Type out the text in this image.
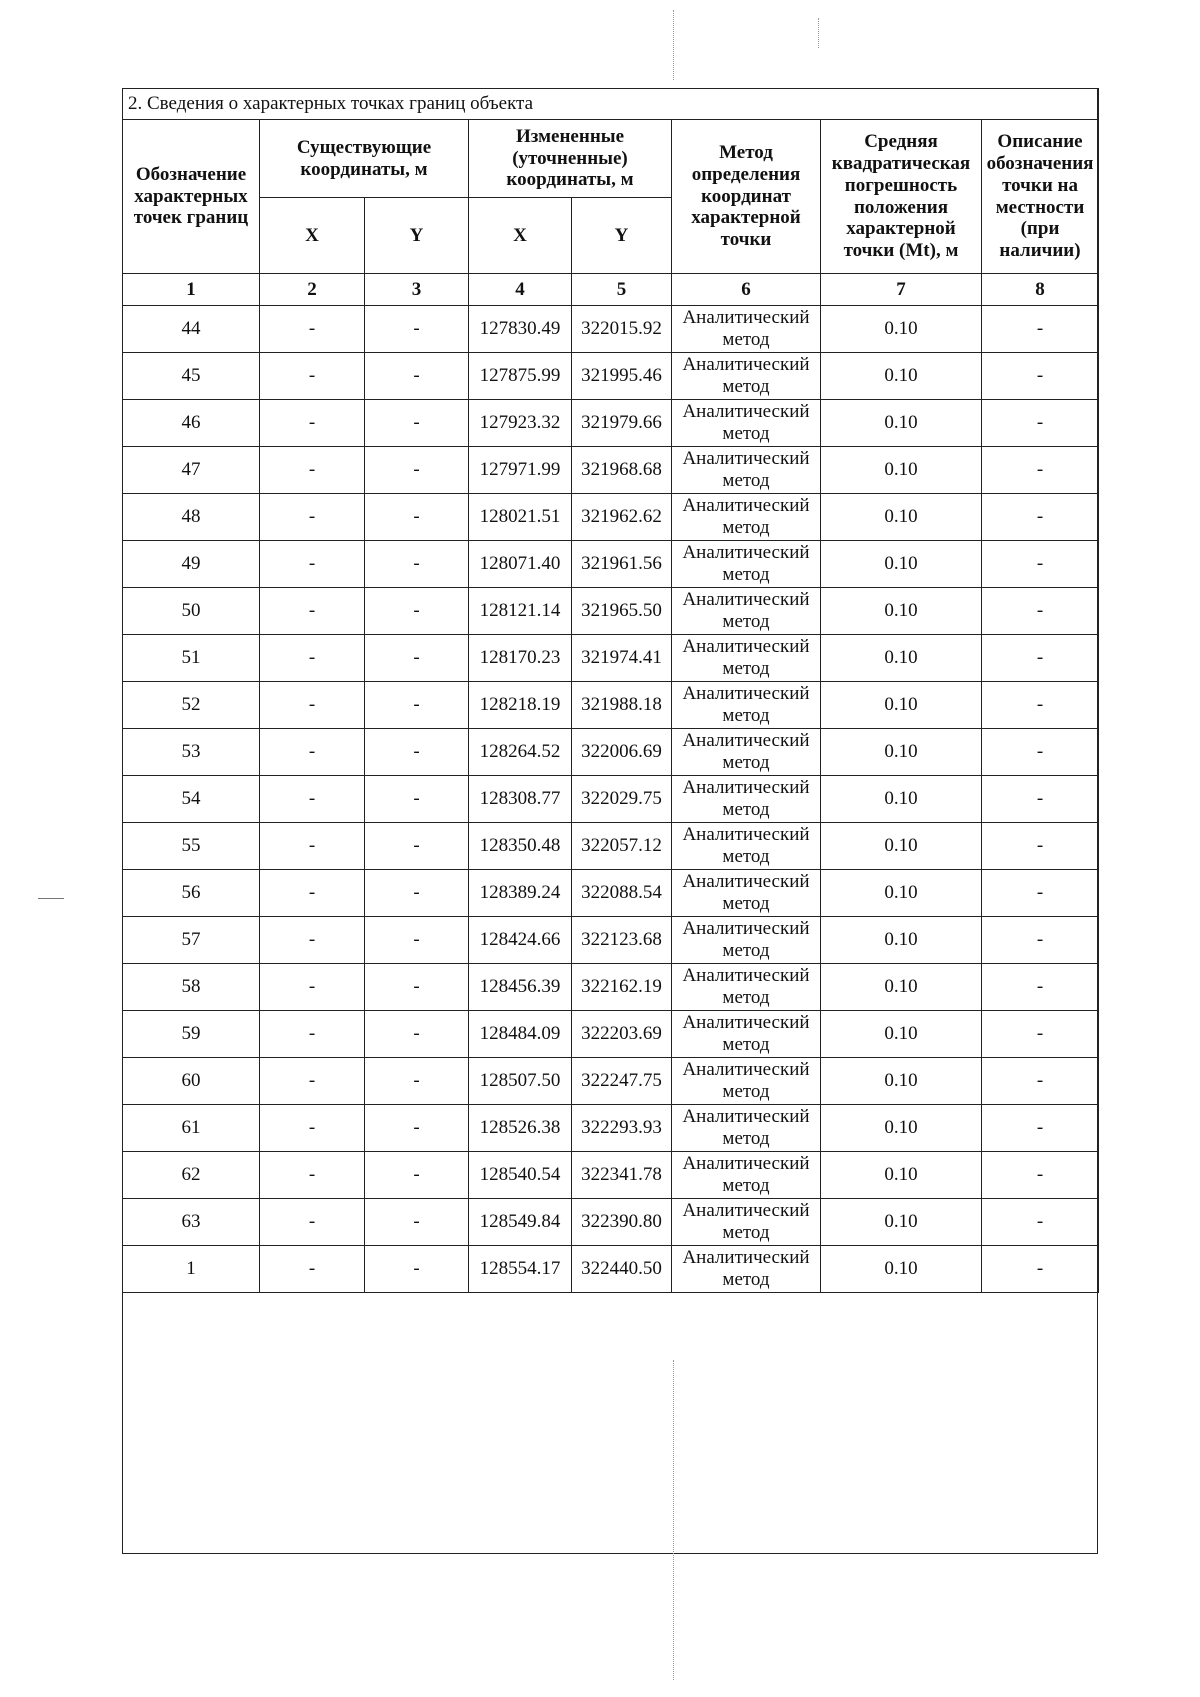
2. Сведения о характерных точках границ объекта							
Обозначение характерных точек границ	Существующие координаты, м		Измененные (уточненные) координаты, м		Метод определения координат характерной точки	Средняя квадратическая погрешность положения характерной точки (Mt), м	Описание обозначения точки на местности (при наличии)
	X	Y	X	Y			
1	2	3	4	5	6	7	8
44	-	-	127830.49	322015.92	Аналитический метод	0.10	-
45	-	-	127875.99	321995.46	Аналитический метод	0.10	-
46	-	-	127923.32	321979.66	Аналитический метод	0.10	-
47	-	-	127971.99	321968.68	Аналитический метод	0.10	-
48	-	-	128021.51	321962.62	Аналитический метод	0.10	-
49	-	-	128071.40	321961.56	Аналитический метод	0.10	-
50	-	-	128121.14	321965.50	Аналитический метод	0.10	-
51	-	-	128170.23	321974.41	Аналитический метод	0.10	-
52	-	-	128218.19	321988.18	Аналитический метод	0.10	-
53	-	-	128264.52	322006.69	Аналитический метод	0.10	-
54	-	-	128308.77	322029.75	Аналитический метод	0.10	-
55	-	-	128350.48	322057.12	Аналитический метод	0.10	-
56	-	-	128389.24	322088.54	Аналитический метод	0.10	-
57	-	-	128424.66	322123.68	Аналитический метод	0.10	-
58	-	-	128456.39	322162.19	Аналитический метод	0.10	-
59	-	-	128484.09	322203.69	Аналитический метод	0.10	-
60	-	-	128507.50	322247.75	Аналитический метод	0.10	-
61	-	-	128526.38	322293.93	Аналитический метод	0.10	-
62	-	-	128540.54	322341.78	Аналитический метод	0.10	-
63	-	-	128549.84	322390.80	Аналитический метод	0.10	-
1	-	-	128554.17	322440.50	Аналитический метод	0.10	-
